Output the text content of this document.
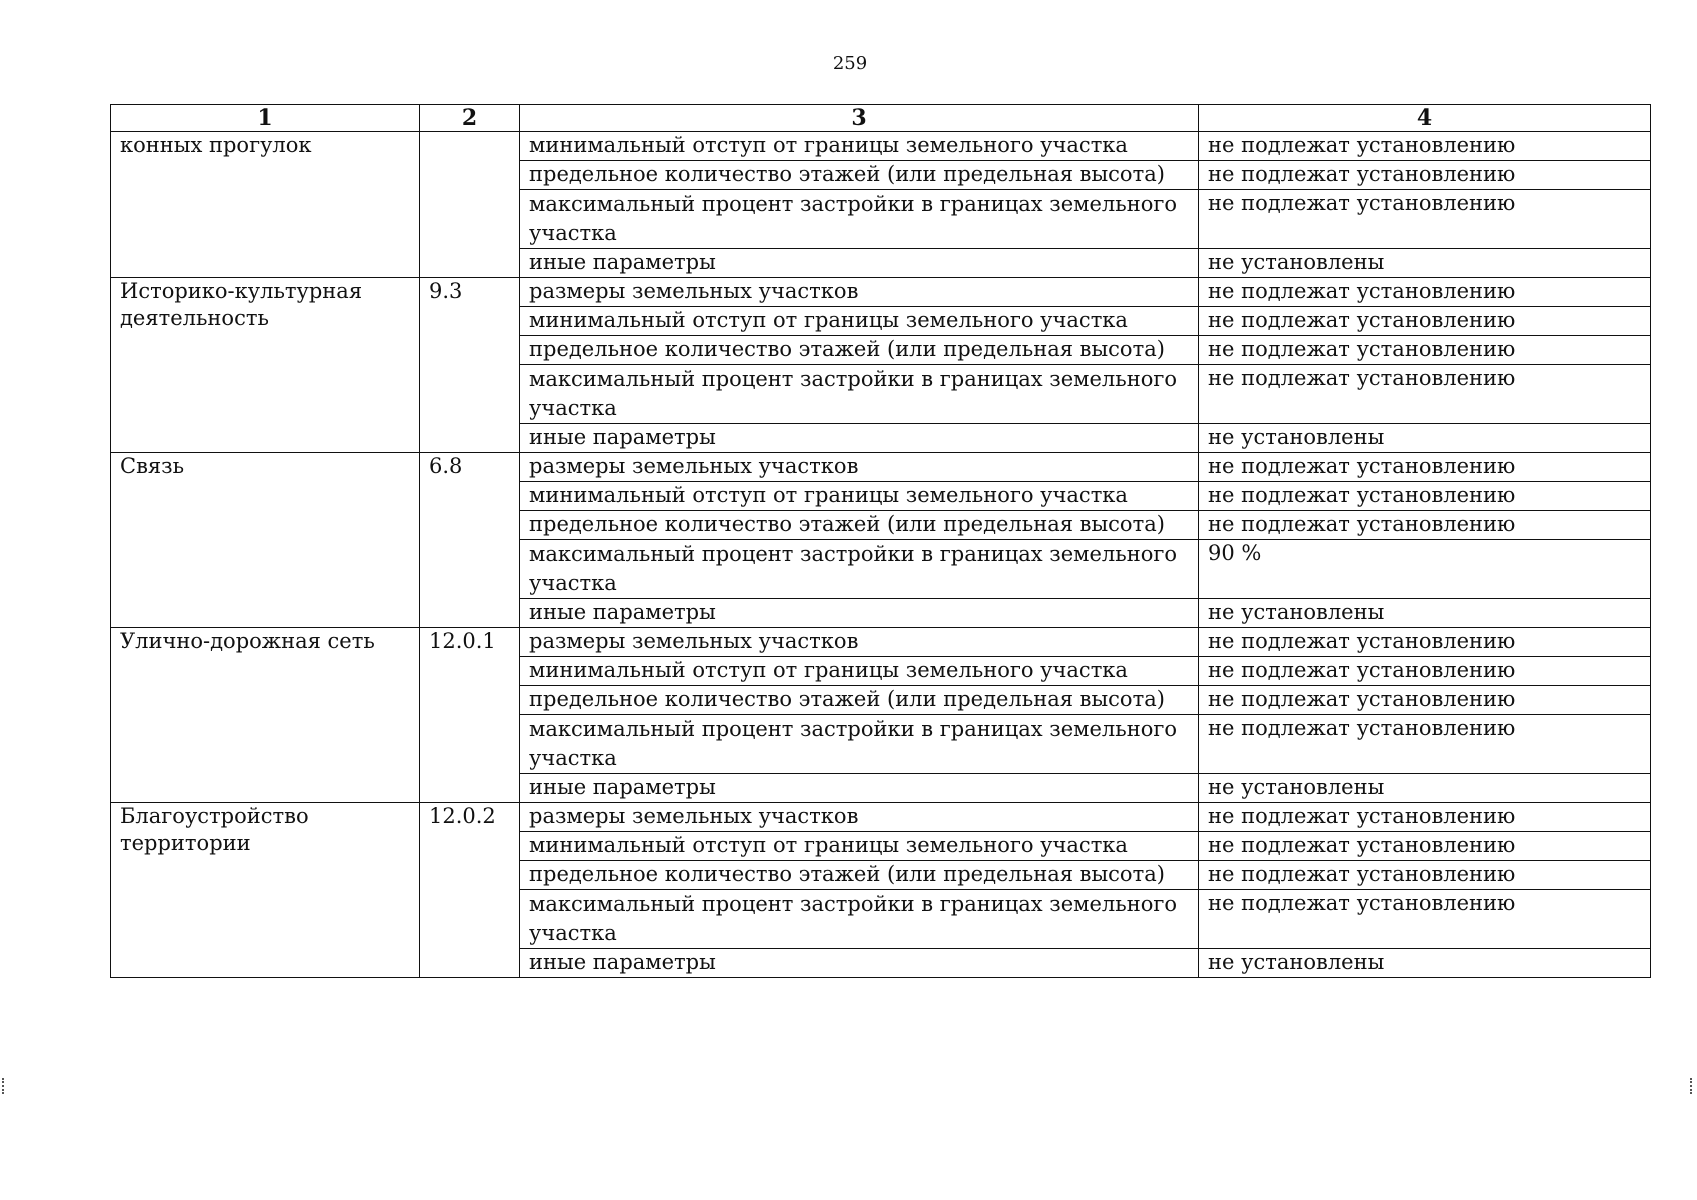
259
1	2	3	4
конных прогулок		минимальный отступ от границы земельного участка	не подлежат установлению
		предельное количество этажей (или предельная высота)	не подлежат установлению
		максимальный процент застройки в границах земельного участка	не подлежат установлению
		иные параметры	не установлены
Историко-культурная деятельность	9.3	размеры земельных участков	не подлежат установлению
		минимальный отступ от границы земельного участка	не подлежат установлению
		предельное количество этажей (или предельная высота)	не подлежат установлению
		максимальный процент застройки в границах земельного участка	не подлежат установлению
		иные параметры	не установлены
Связь	6.8	размеры земельных участков	не подлежат установлению
		минимальный отступ от границы земельного участка	не подлежат установлению
		предельное количество этажей (или предельная высота)	не подлежат установлению
		максимальный процент застройки в границах земельного участка	90 %
		иные параметры	не установлены
Улично-дорожная сеть	12.0.1	размеры земельных участков	не подлежат установлению
		минимальный отступ от границы земельного участка	не подлежат установлению
		предельное количество этажей (или предельная высота)	не подлежат установлению
		максимальный процент застройки в границах земельного участка	не подлежат установлению
		иные параметры	не установлены
Благоустройство территории	12.0.2	размеры земельных участков	не подлежат установлению
		минимальный отступ от границы земельного участка	не подлежат установлению
		предельное количество этажей (или предельная высота)	не подлежат установлению
		максимальный процент застройки в границах земельного участка	не подлежат установлению
		иные параметры	не установлены
